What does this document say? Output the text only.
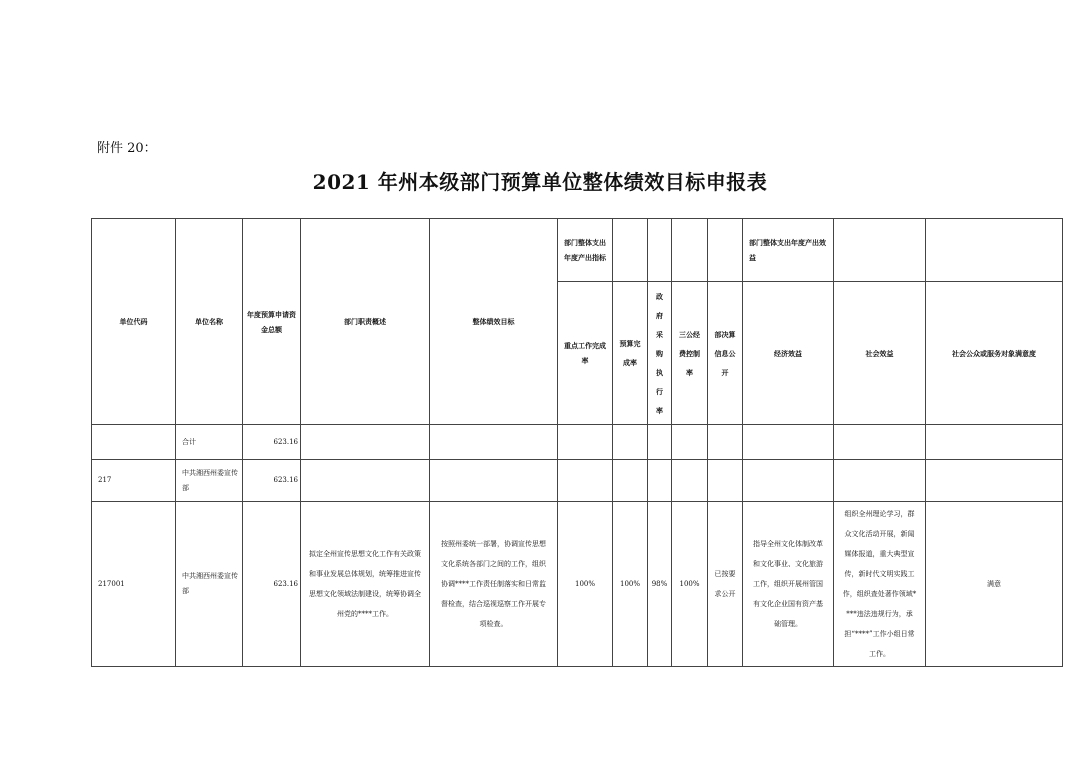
附件 20：
2021 年州本级部门预算单位整体绩效目标申报表
单位代码	单位名称	年度预算申请资金总额	部门职责概述	整体绩效目标	部门整体支出年度产出指标					部门整体支出年度产出效益		
					重点工作完成率	预算完成率	政府采购执行率	三公经费控制率	部决算信息公开	经济效益	社会效益	社会公众或服务对象满意度
	合计	623.16										
217	中共湘西州委宣传部	623.16										
217001	中共湘西州委宣传部	623.16	拟定全州宣传思想文化工作有关政策和事业发展总体规划，统筹推进宣传思想文化领域法制建设，统筹协调全州党的****工作。	按照州委统一部署，协调宣传思想文化系统各部门之间的工作，组织协调****工作责任制落实和日常监督检查，结合巡视巡察工作开展专项检查。	100%	100%	98%	100%	已按要求公开	指导全州文化体制改革和文化事业、文化旅游工作，组织开展州管国有文化企业国有资产基础管理。	组织全州理论学习，群众文化活动开展，新闻媒体报道，重大典型宣传，新时代文明实践工作，组织查处著作领域****违法违规行为，承担“****”工作小组日常工作。	满意
